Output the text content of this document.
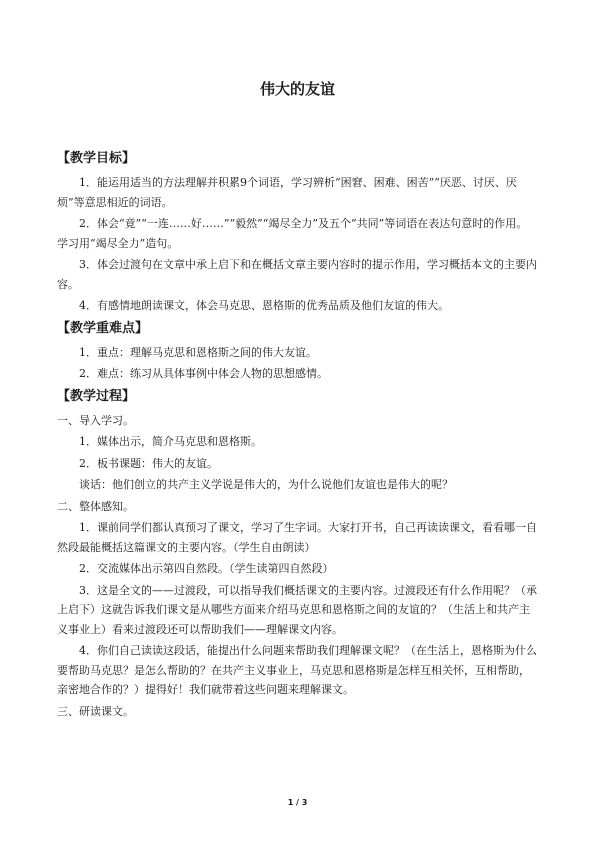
伟大的友谊
【教学目标】

1．能运用适当的方法理解并积累9个词语，学习辨析“困窘、困难、困苦”“厌恶、讨厌、厌烦”等意思相近的词语。

2．体会“竟”“一连……好……”“毅然”“竭尽全力”及五个“共同”等词语在表达句意时的作用。学习用“竭尽全力”造句。

3．体会过渡句在文章中承上启下和在概括文章主要内容时的提示作用，学习概括本文的主要内容。

4．有感情地朗读课文，体会马克思、恩格斯的优秀品质及他们友谊的伟大。

【教学重难点】

1．重点：理解马克思和恩格斯之间的伟大友谊。

2．难点：练习从具体事例中体会人物的思想感情。

【教学过程】

一、导入学习。

1．媒体出示，简介马克思和恩格斯。

2．板书课题：伟大的友谊。

谈话：他们创立的共产主义学说是伟大的，为什么说他们友谊也是伟大的呢？

二、整体感知。

1．课前同学们都认真预习了课文，学习了生字词。大家打开书，自己再读读课文，看看哪一自然段最能概括这篇课文的主要内容。（学生自由朗读）

2．交流媒体出示第四自然段。（学生读第四自然段）

3．这是全文的——过渡段，可以指导我们概括课文的主要内容。过渡段还有什么作用呢？（承上启下）这就告诉我们课文是从哪些方面来介绍马克思和恩格斯之间的友谊的？（生活上和共产主义事业上）看来过渡段还可以帮助我们——理解课文内容。

4．你们自己读读这段话，能提出什么问题来帮助我们理解课文呢？（在生活上，恩格斯为什么要帮助马克思？是怎么帮助的？在共产主义事业上，马克思和恩格斯是怎样互相关怀，互相帮助，亲密地合作的？）提得好！我们就带着这些问题来理解课文。

三、研读课文。

1 / 3
